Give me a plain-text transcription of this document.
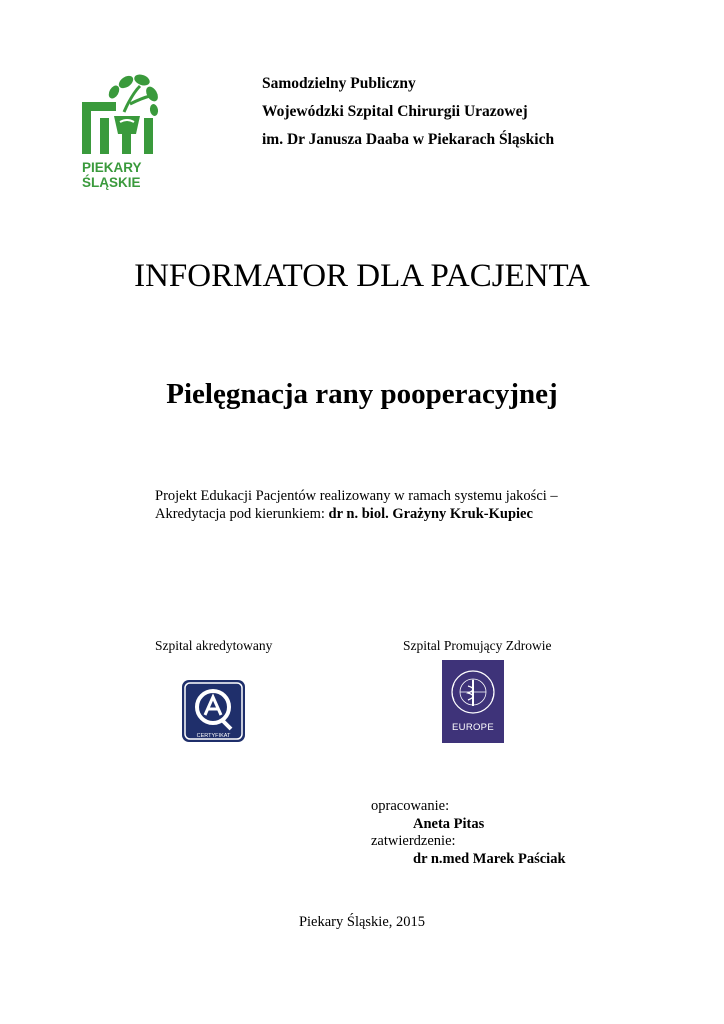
PIEKARY
ŚLĄSKIE
Samodzielny Publiczny
Wojewódzki Szpital Chirurgii Urazowej
im. Dr Janusza Daaba w Piekarach Śląskich
INFORMATOR DLA PACJENTA
Pielęgnacja rany pooperacyjnej
Projekt Edukacji Pacjentów realizowany w ramach systemu jakości –
Akredytacja pod kierunkiem: dr n. biol. Grażyny Kruk-Kupiec
Szpital akredytowany	Szpital Promujący Zdrowie
CERTYFIKAT
EUROPE
opracowanie:
Aneta Pitas
zatwierdzenie:
dr n.med Marek Paściak
Piekary Śląskie, 2015
